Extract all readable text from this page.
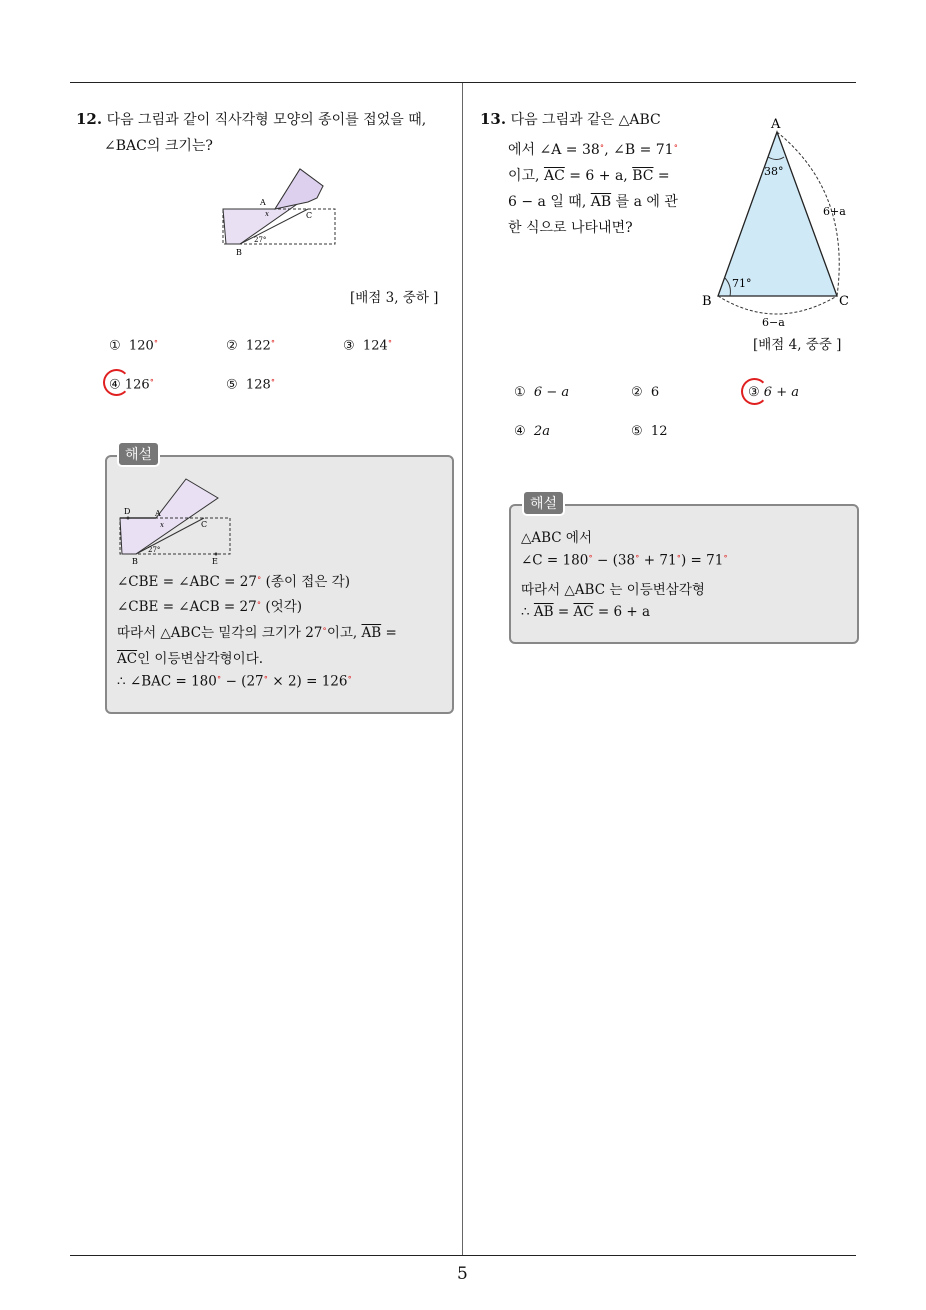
5
12. 다음 그림과 같이 직사각형 모양의 종이를 접었을 때,
∠BAC의 크기는?
A
B
C
27°
x
[배점 3, 중하 ]
① 120∘	② 122∘	③ 124∘
④ 126∘	⑤ 128∘
해설
D	A
C
B	E
27°
x
∠CBE = ∠ABC = 27∘ (종이 접은 각)
∠CBE = ∠ACB = 27∘ (엇각)
따라서 △ABC는 밑각의 크기가 27∘이고, $\overline{AB}$ =
$\overline{AC}$인 이등변삼각형이다.
∴ ∠BAC = 180∘ − (27∘ × 2) = 126∘
13. 다음 그림과 같은 △ABC
에서 ∠A = 38∘, ∠B = 71∘
이고, $\overline{AC} = 6 + a$, $\overline{BC}$ =
6 − a 일 때, $\overline{AB}$ 를 a 에 관
한 식으로 나타내면?
A
B	C
38°
71°
6+a
6−a
[배점 4, 중중 ]
① 6 − a	② 6	③ 6 + a
④ 2a	⑤ 12
해설
△ABC 에서
∠C = 180∘ − (38∘ + 71∘) = 71∘
따라서 △ABC 는 이등변삼각형
∴ $\overline{AB} = \overline{AC} = 6 + a$
